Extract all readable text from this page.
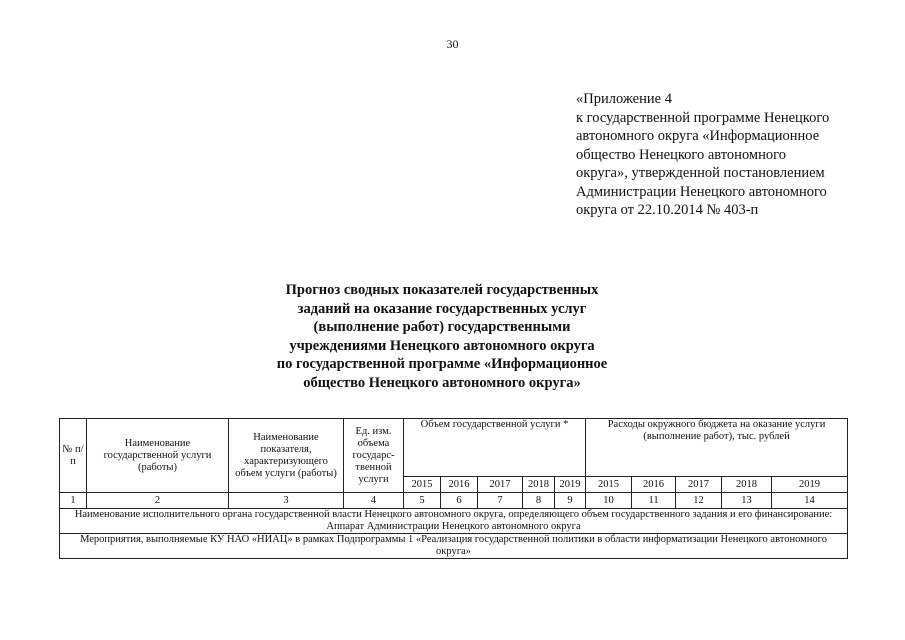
30
«Приложение 4
к государственной программе Ненецкого
автономного округа «Информационное
общество Ненецкого автономного
округа», утвержденной постановлением
Администрации Ненецкого автономного
округа от 22.10.2014 № 403-п
Прогноз сводных показателей государственных
заданий на оказание государственных услуг
(выполнение работ) государственными
учреждениями Ненецкого автономного округа
по государственной программе «Информационное
общество Ненецкого автономного округа»
№ п/п	Наименование государственной услуги (работы)	Наименование показателя, характеризующего объем услуги (работы)	Ед. изм. объема государс-твенной услуги	Объем государственной услуги *					Расходы окружного бюджета на оказание услуги (выполнение работ), тыс. рублей				
				2015	2016	2017	2018	2019	2015	2016	2017	2018	2019
1	2	3	4	5	6	7	8	9	10	11	12	13	14
Наименование исполнительного органа государственной власти Ненецкого автономного округа, определяющего объем государственного задания и его финансирование: Аппарат Администрации Ненецкого автономного округа													
Мероприятия, выполняемые КУ НАО «НИАЦ» в рамках Подпрограммы 1 «Реализация государственной политики в области информатизации Ненецкого автономного округа»													
